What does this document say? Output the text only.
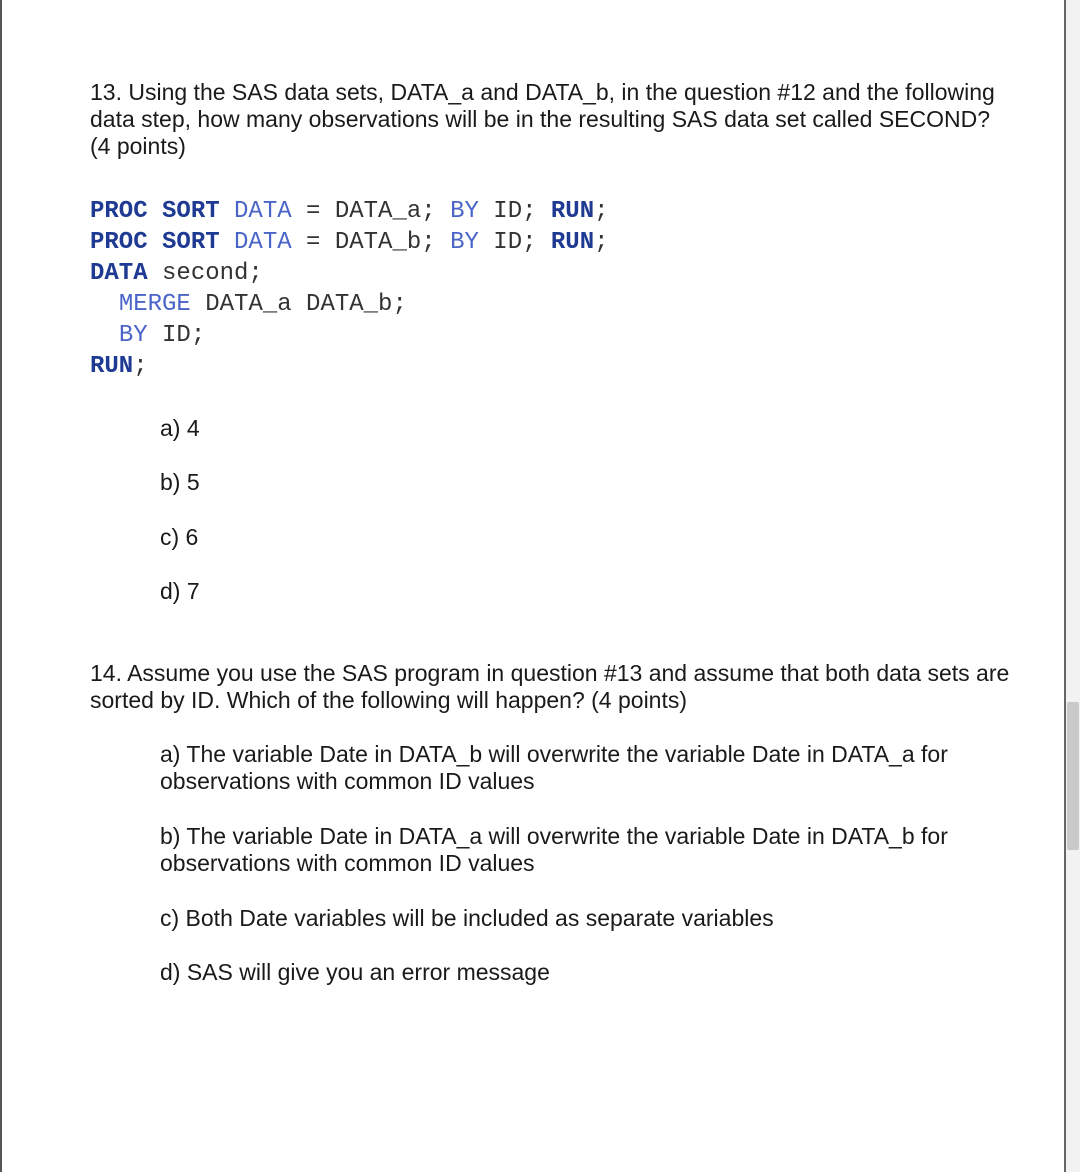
13. Using the SAS data sets, DATA_a and DATA_b, in the question #12 and the following data step, how many observations will be in the resulting SAS data set called SECOND? (4 points)
PROC SORT DATA = DATA_a; BY ID; RUN;
PROC SORT DATA = DATA_b; BY ID; RUN;
DATA second;
MERGE DATA_a DATA_b;
BY ID;
RUN;
a) 4
b) 5
c) 6
d) 7
14. Assume you use the SAS program in question #13 and assume that both data sets are sorted by ID. Which of the following will happen? (4 points)
a) The variable Date in DATA_b will overwrite the variable Date in DATA_a for observations with common ID values
b) The variable Date in DATA_a will overwrite the variable Date in DATA_b for observations with common ID values
c) Both Date variables will be included as separate variables
d) SAS will give you an error message
